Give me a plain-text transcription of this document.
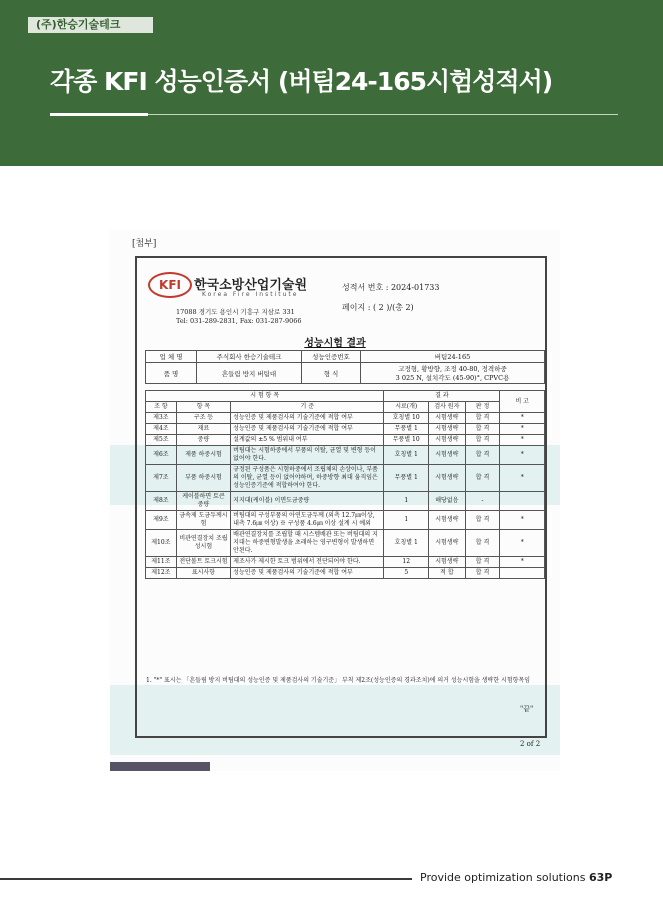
(주)한승기술테크
각종 KFI 성능인증서 (버팀24-165시험성적서)
[첨부]
KFI	한국소방산업기술원
Korea Fire Institute
17088 경기도 용인시 기흥구 지삼로 331
Tel: 031-289-2831, Fax: 031-287-9066
성적서 번호 : 2024-01733
페이지 : ( 2 )/(총 2)
성능시험 결과
업 체 명	주식회사 한승기술테크	성능인증번호	버팀24-165
품 명	흔들림 방지 버팀대	형 식	고정형, 황방향, 조정 40-80, 정격하중
3 025 N, 설치각도 (45-90)°, CPVC용
시 험 항 목			결 과			비 고
조 항	항 목	기 준	시료(개)	검사 원자	판 정	
제3조	구조 등	성능인증 및 제품검사의 기술기준에 적합 여부	호칭별 10	시험생략	합 격	*
제4조	재료	성능인증 및 제품검사의 기술기준에 적합 여부	무풍별 1	시험생략	합 격	*
제5조	중량	설계값의 ±5 % 범위내 여부	무풍별 10	시험생략	합 격	*
제6조	제품 하중시험	버팀대는 시험하중에서 부품의 이탈, 균열 및 변형 등이 없어야 한다.	호칭별 1	시험생략	합 격	*
제7조	부품 하중시험	규정된 구성품은 시험하중에서 조립체의 손상이나, 부품의 이탈, 균열 등이 없어야하며, 하중방향 최대 움직임은 성능인증기준에 적합하여야 한다.	무풍별 1	시험생략	합 격	*
제8조	케이블하면 토큰 중량	지지대(케이블) 이면도금중량	1	해당없음	-	
제9조	금속제 도금두께시험	버팀대의 구성부품의 아연도금두께 (외측 12.7㎛이상, 내측 7.6㎛ 이상) ※ 구성품 4.6㎛ 이상 설계 시 예외	1	시험생략	합 격	*
제10조	비관연결장치 조립성시험	배관연결장치를 조립할 때 시스템배관 또는 버팀대의 지지대는 하중변형발생을 초래하는 영구변형이 발생하면 안된다.	호칭별 1	시험생략	합 격	*
제11조	전단볼트 토크시험	제조사가 제시한 토크 범위에서 전단되어야 한다.	12	시험생략	합 격	*
제12조	표시사항	성능인증 및 제품검사의 기술기준에 적합 여부	5	적 합	합 격	
1. "*" 표시는 「흔들림 방지 버팀대의 성능인증 및 제품검사의 기술기준」 부칙 제2조(성능인증의 경과조치)에 의거 성능시험을 생략한 시험항목임
"끝"
2 of 2
Provide optimization solutions 63P
